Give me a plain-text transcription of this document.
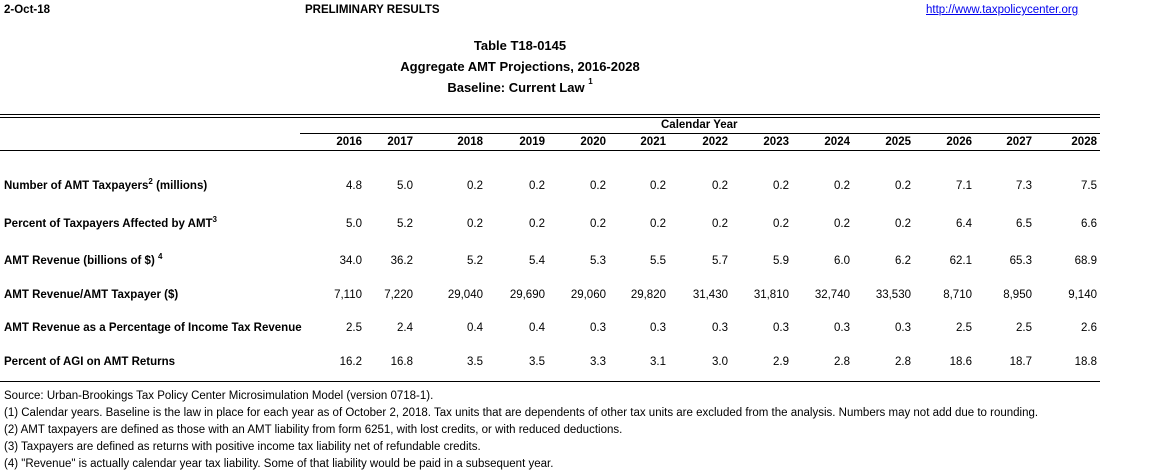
2-Oct-18	PRELIMINARY RESULTS	http://www.taxpolicycenter.org
Table T18-0145
Aggregate AMT Projections, 2016-2028
Baseline: Current Law $^1$
Calendar Year
2016	2017	2018	2019	2020	2021	2022	2023	2024	2025	2026	2027	2028
Number of AMT Taxpayers$^2$ (millions)	4.8	5.0	0.2	0.2	0.2	0.2	0.2	0.2	0.2	0.2	7.1	7.3	7.5
Percent of Taxpayers Affected by AMT$^3$	5.0	5.2	0.2	0.2	0.2	0.2	0.2	0.2	0.2	0.2	6.4	6.5	6.6
AMT Revenue (billions of $) $^4$	34.0	36.2	5.2	5.4	5.3	5.5	5.7	5.9	6.0	6.2	62.1	65.3	68.9
AMT Revenue/AMT Taxpayer ($)	7,110	7,220	29,040	29,690	29,060	29,820	31,430	31,810	32,740	33,530	8,710	8,950	9,140
AMT Revenue as a Percentage of Income Tax Revenue	2.5	2.4	0.4	0.4	0.3	0.3	0.3	0.3	0.3	0.3	2.5	2.5	2.6
Percent of AGI on AMT Returns	16.2	16.8	3.5	3.5	3.3	3.1	3.0	2.9	2.8	2.8	18.6	18.7	18.8
Source: Urban-Brookings Tax Policy Center Microsimulation Model (version 0718-1).
(1) Calendar years. Baseline is the law in place for each year as of October 2, 2018. Tax units that are dependents of other tax units are excluded from the analysis. Numbers may not add due to rounding.
(2) AMT taxpayers are defined as those with an AMT liability from form 6251, with lost credits, or with reduced deductions.
(3) Taxpayers are defined as returns with positive income tax liability net of refundable credits.
(4) "Revenue" is actually calendar year tax liability. Some of that liability would be paid in a subsequent year.
